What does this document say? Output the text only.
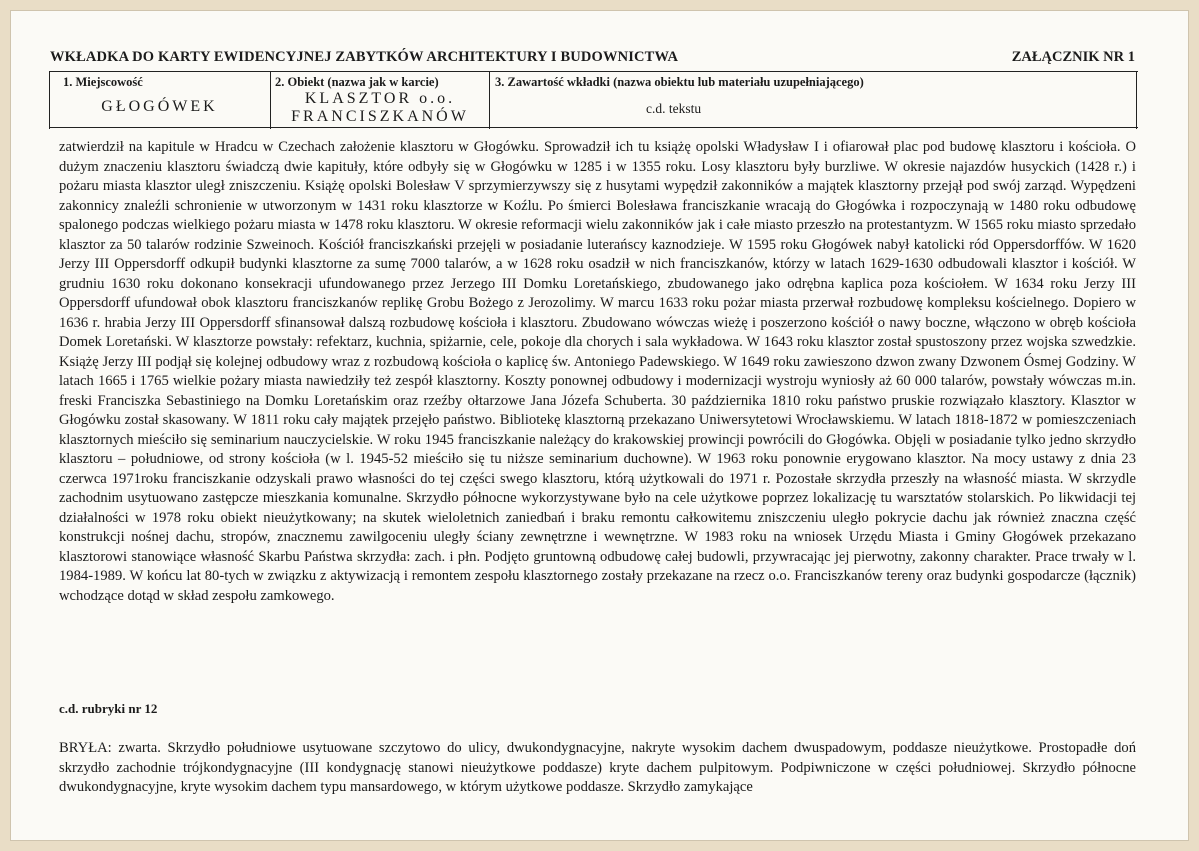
WKŁADKA DO KARTY EWIDENCYJNEJ ZABYTKÓW ARCHITEKTURY I BUDOWNICTWA	ZAŁĄCZNIK NR 1
1. Miejscowość
GŁOGÓWEK
2. Obiekt (nazwa jak w karcie)
KLASZTOR o.o.
FRANCISZKANÓW
3. Zawartość wkładki (nazwa obiektu lub materiału uzupełniającego)
c.d. tekstu

zatwierdził na kapitule w Hradcu w Czechach założenie klasztoru w Głogówku. Sprowadził ich tu książę opolski Władysław I i ofiarował plac pod budowę klasztoru i kościoła. O dużym znaczeniu klasztoru świadczą dwie kapituły, które odbyły się w Głogówku w 1285 i w 1355 roku. Losy klasztoru były burzliwe. W okresie najazdów husyckich (1428 r.) i pożaru miasta klasztor uległ zniszczeniu. Książę opolski Bolesław V sprzymierzywszy się z husytami wypędził zakonników a majątek klasztorny przejął pod swój zarząd. Wypędzeni zakonnicy znaleźli schronienie w utworzonym w 1431 roku klasztorze w Koźlu. Po śmierci Bolesława franciszkanie wracają do Głogówka i rozpoczynają w 1480 roku odbudowę spalonego podczas wielkiego pożaru miasta w 1478 roku klasztoru. W okresie reformacji wielu zakonników jak i całe miasto przeszło na protestantyzm. W 1565 roku miasto sprzedało klasztor za 50 talarów rodzinie Szweinoch. Kościół franciszkański przejęli w posiadanie luterańscy kaznodzieje. W 1595 roku Głogówek nabył katolicki ród Oppersdorffów. W 1620 Jerzy III Oppersdorff odkupił budynki klasztorne za sumę 7000 talarów, a w 1628 roku osadził w nich franciszkanów, którzy w latach 1629-1630 odbudowali klasztor i kościół. W grudniu 1630 roku dokonano konsekracji ufundowanego przez Jerzego III Domku Loretańskiego, zbudowanego jako odrębna kaplica poza kościołem. W 1634 roku Jerzy III Oppersdorff ufundował obok klasztoru franciszkanów replikę Grobu Bożego z Jerozolimy. W marcu 1633 roku pożar miasta przerwał rozbudowę kompleksu kościelnego. Dopiero w 1636 r. hrabia Jerzy III Oppersdorff sfinansował dalszą rozbudowę kościoła i klasztoru. Zbudowano wówczas wieżę i poszerzono kościół o nawy boczne, włączono w obręb kościoła Domek Loretański. W klasztorze powstały: refektarz, kuchnia, spiżarnie, cele, pokoje dla chorych i sala wykładowa. W 1643 roku klasztor został spustoszony przez wojska szwedzkie. Książę Jerzy III podjął się kolejnej odbudowy wraz z rozbudową kościoła o kaplicę św. Antoniego Padewskiego. W 1649 roku zawieszono dzwon zwany Dzwonem Ósmej Godziny. W latach 1665 i 1765 wielkie pożary miasta nawiedziły też zespół klasztorny. Koszty ponownej odbudowy i modernizacji wystroju wyniosły aż 60 000 talarów, powstały wówczas m.in. freski Franciszka Sebastiniego na Domku Loretańskim oraz rzeźby ołtarzowe Jana Józefa Schuberta. 30 października 1810 roku państwo pruskie rozwiązało klasztory. Klasztor w Głogówku został skasowany. W 1811 roku cały majątek przejęło państwo. Bibliotekę klasztorną przekazano Uniwersytetowi Wrocławskiemu. W latach 1818-1872 w pomieszczeniach klasztornych mieściło się seminarium nauczycielskie. W roku 1945 franciszkanie należący do krakowskiej prowincji powrócili do Głogówka. Objęli w posiadanie tylko jedno skrzydło klasztoru – południowe, od strony kościoła (w l. 1945-52 mieściło się tu niższe seminarium duchowne). W 1963 roku ponownie erygowano klasztor. Na mocy ustawy z dnia 23 czerwca 1971roku franciszkanie odzyskali prawo własności do tej części swego klasztoru, którą użytkowali do 1971 r. Pozostałe skrzydła przeszły na własność miasta. W skrzydle zachodnim usytuowano zastępcze mieszkania komunalne. Skrzydło północne wykorzystywane było na cele użytkowe poprzez lokalizację tu warsztatów stolarskich. Po likwidacji tej działalności w 1978 roku obiekt nieużytkowany; na skutek wieloletnich zaniedbań i braku remontu całkowitemu zniszczeniu uległo pokrycie dachu jak również znaczna część konstrukcji nośnej dachu, stropów, znacznemu zawilgoceniu uległy ściany zewnętrzne i wewnętrzne. W 1983 roku na wniosek Urzędu Miasta i Gminy Głogówek przekazano klasztorowi stanowiące własność Skarbu Państwa skrzydła: zach. i płn. Podjęto gruntowną odbudowę całej budowli, przywracając jej pierwotny, zakonny charakter. Prace trwały w l. 1984-1989. W końcu lat 80-tych w związku z aktywizacją i remontem zespołu klasztornego zostały przekazane na rzecz o.o. Franciszkanów tereny oraz budynki gospodarcze (łącznik) wchodzące dotąd w skład zespołu zamkowego.

c.d. rubryki nr 12

BRYŁA: zwarta. Skrzydło południowe usytuowane szczytowo do ulicy, dwukondygnacyjne, nakryte wysokim dachem dwuspadowym, poddasze nieużytkowe. Prostopadłe doń skrzydło zachodnie trójkondygnacyjne (III kondygnację stanowi nieużytkowe poddasze) kryte dachem pulpitowym. Podpiwniczone w części południowej. Skrzydło północne dwukondygnacyjne, kryte wysokim dachem typu mansardowego, w którym użytkowe poddasze. Skrzydło zamykające
